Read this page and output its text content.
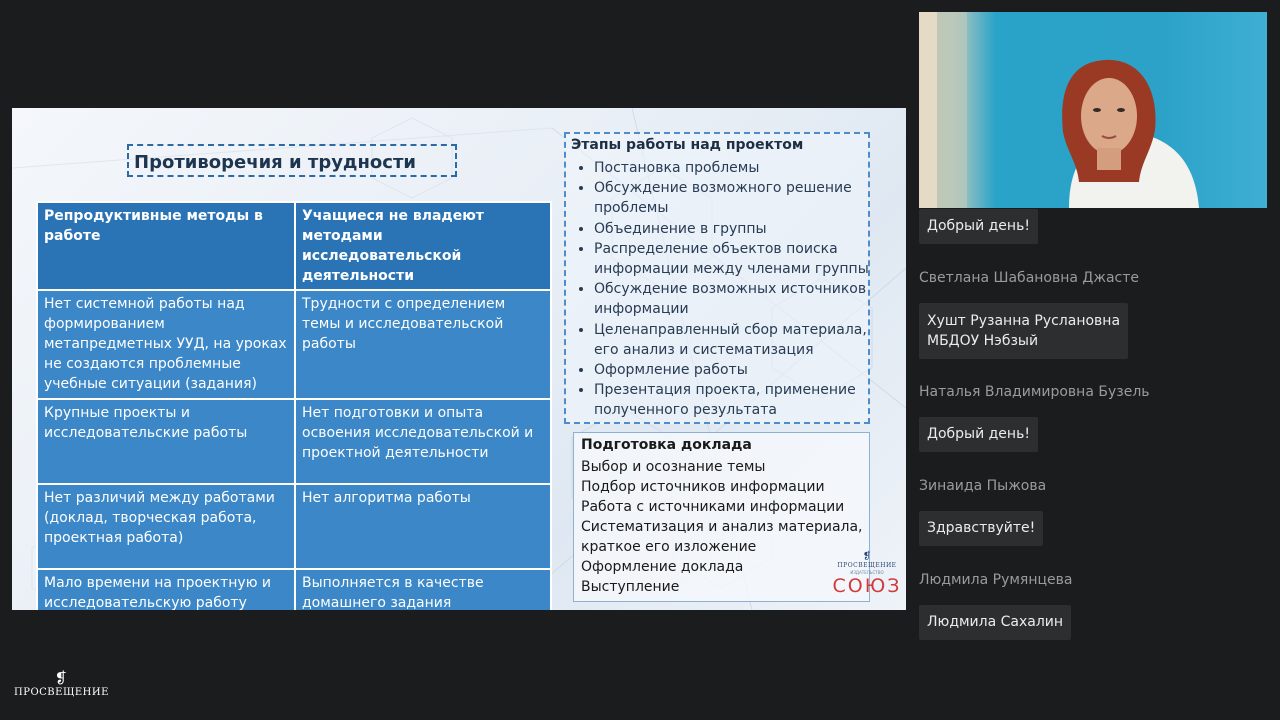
Противоречия и трудности
Репродуктивные методы в работе	Учащиеся не владеют методами исследовательской деятельности
Нет системной работы над формированием метапредметных УУД, на уроках не создаются проблемные учебные ситуации (задания)	Трудности с определением темы и исследовательской работы
Крупные проекты и исследовательские работы	Нет подготовки и опыта освоения исследовательской и проектной деятельности
Нет различий между работами (доклад, творческая работа, проектная работа)	Нет алгоритма работы
Мало времени на проектную и исследовательскую работу	Выполняется в качестве домашнего задания
• Постановка проблемы
• Обсуждение возможного решение проблемы
• Объединение в группы
• Распределение объектов поиска информации между членами группы
• Обсуждение возможных источников информации
• Целенаправленный сбор материала, его анализ и систематизация
• Оформление работы
• Презентация проекта, применение полученного результата
Этапы работы над проектом
Подготовка доклада
Выбор и осознание темы
Подбор источников информации
Работа с источниками информации
Систематизация и анализ материала,
краткое его изложение
Оформление доклада
Выступление
❡
ПРОСВЕЩЕНИЕ
ИЗДАТЕЛЬСТВО
СОЮЗ
Добрый день!
Светлана Шабановна Джасте
Хушт Рузанна Руслановна
МБДОУ Нэбзый
Наталья Владимировна Бузель
Добрый день!
Зинаида Пыжова
Здравствуйте!
Людмила Румянцева
Людмила Сахалин
❡
ПРОСВЕЩЕНИЕ
